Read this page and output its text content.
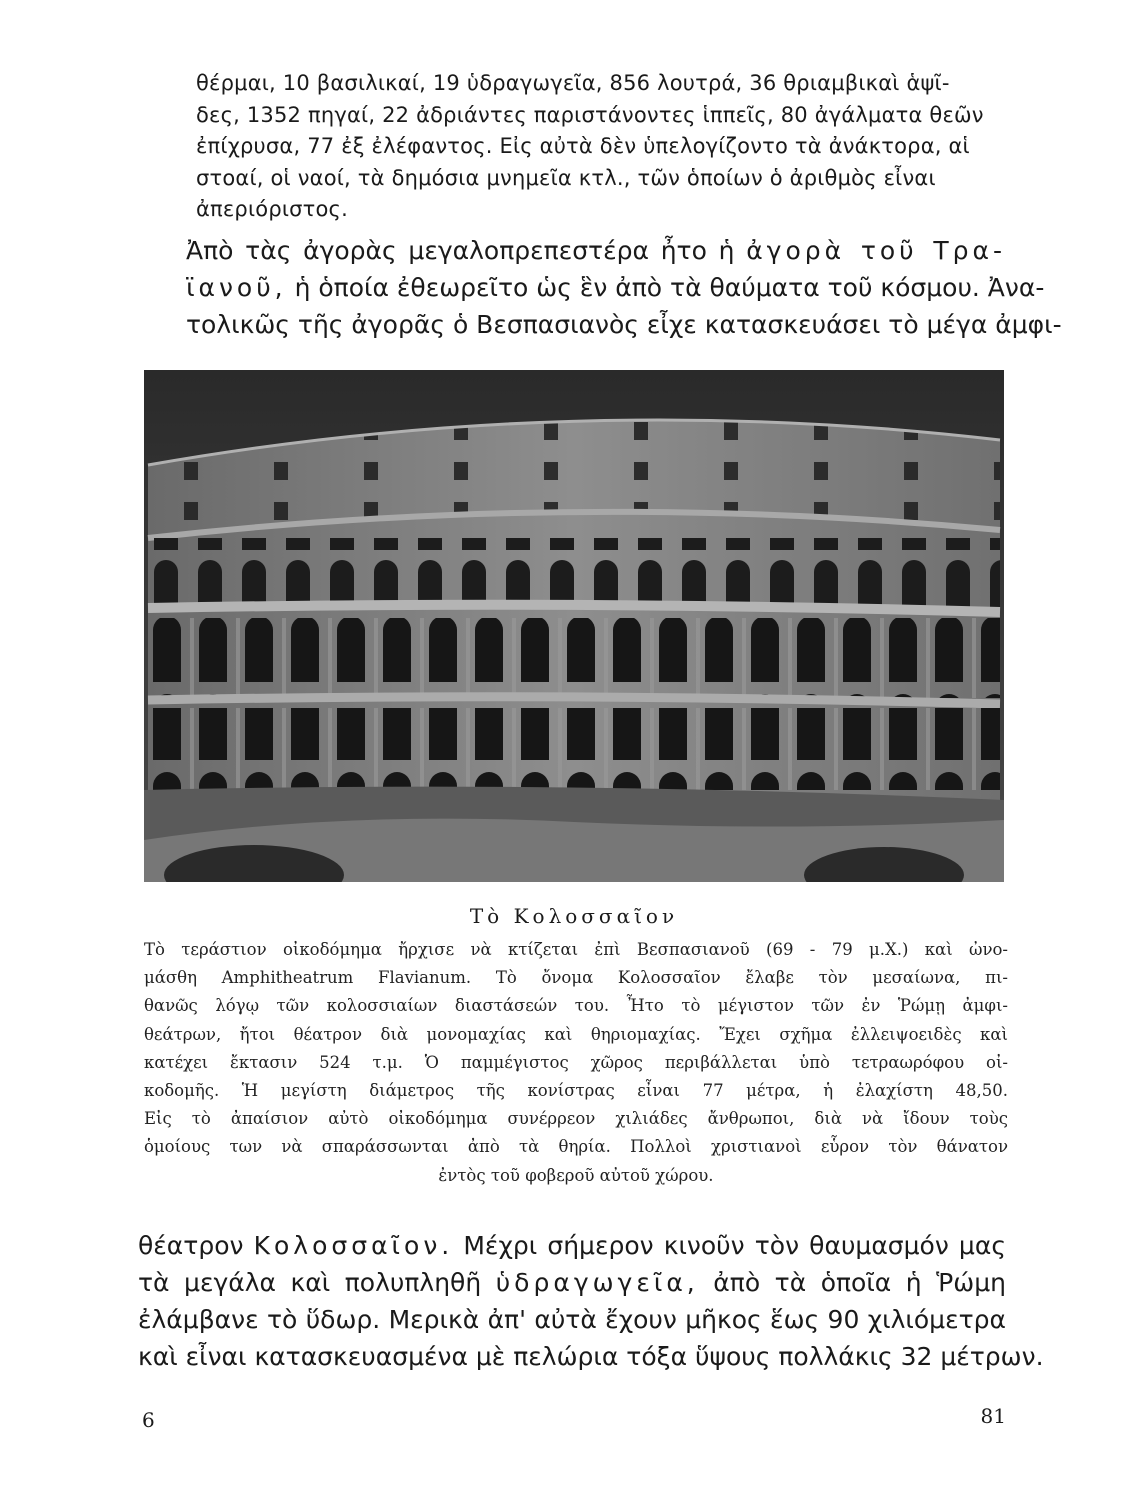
θέρμαι, 10 βασιλικαί, 19 ὑδραγωγεῖα, 856 λουτρά, 36 θριαμβικαὶ ἁψῖ-
δες, 1352 πηγαί, 22 ἀδριάντες παριστάνοντες ἱππεῖς, 80 ἀγάλματα θεῶν
ἐπίχρυσα, 77 ἐξ ἐλέφαντος. Εἰς αὐτὰ δὲν ὑπελογίζοντο τὰ ἀνάκτορα, αἱ
στοαί, οἱ ναοί, τὰ δημόσια μνημεῖα κτλ., τῶν ὁποίων ὁ ἀριθμὸς εἶναι
ἀπεριόριστος.

Ἀπὸ τὰς ἀγορὰς μεγαλοπρεπεστέρα ἦτο ἡ ἀγορὰ τοῦ Τρα-
ϊανοῦ, ἡ ὁποία ἐθεωρεῖτο ὡς ἓν ἀπὸ τὰ θαύματα τοῦ κόσμου. Ἀνα-
τολικῶς τῆς ἀγορᾶς ὁ Βεσπασιανὸς εἶχε κατασκευάσει τὸ μέγα ἀμφι-

Τὸ Κολοσσαῖον
Τὸ τεράστιον οἰκοδόμημα ἤρχισε νὰ κτίζεται ἐπὶ Βεσπασιανοῦ (69 - 79 μ.Χ.) καὶ ὠνο-
μάσθη Amphitheatrum Flavianum. Τὸ ὄνομα Κολοσσαῖον ἔλαβε τὸν μεσαίωνα, πι-
θανῶς λόγῳ τῶν κολοσσιαίων διαστάσεών του. Ἦτο τὸ μέγιστον τῶν ἐν Ῥώμῃ ἀμφι-
θεάτρων, ἤτοι θέατρον διὰ μονομαχίας καὶ θηριομαχίας. Ἔχει σχῆμα ἐλλειψοειδὲς καὶ
κατέχει ἔκτασιν 524 τ.μ. Ὁ παμμέγιστος χῶρος περιβάλλεται ὑπὸ τετραωρόφου οἰ-
κοδομῆς. Ἡ μεγίστη διάμετρος τῆς κονίστρας εἶναι 77 μέτρα, ἡ ἐλαχίστη 48,50.
Εἰς τὸ ἀπαίσιον αὐτὸ οἰκοδόμημα συνέρρεον χιλιάδες ἄνθρωποι, διὰ νὰ ἴδουν τοὺς
ὁμοίους των νὰ σπαράσσωνται ἀπὸ τὰ θηρία. Πολλοὶ χριστιανοὶ εὗρον τὸν θάνατον
ἐντὸς τοῦ φοβεροῦ αὐτοῦ χώρου.

θέατρον Κολοσσαῖον. Μέχρι σήμερον κινοῦν τὸν θαυμασμόν μας
τὰ μεγάλα καὶ πολυπληθῆ ὑδραγωγεῖα, ἀπὸ τὰ ὁποῖα ἡ Ῥώμη
ἐλάμβανε τὸ ὕδωρ. Μερικὰ ἀπ' αὐτὰ ἔχουν μῆκος ἕως 90 χιλιόμετρα
καὶ εἶναι κατασκευασμένα μὲ πελώρια τόξα ὕψους πολλάκις 32 μέτρων.

6	81
